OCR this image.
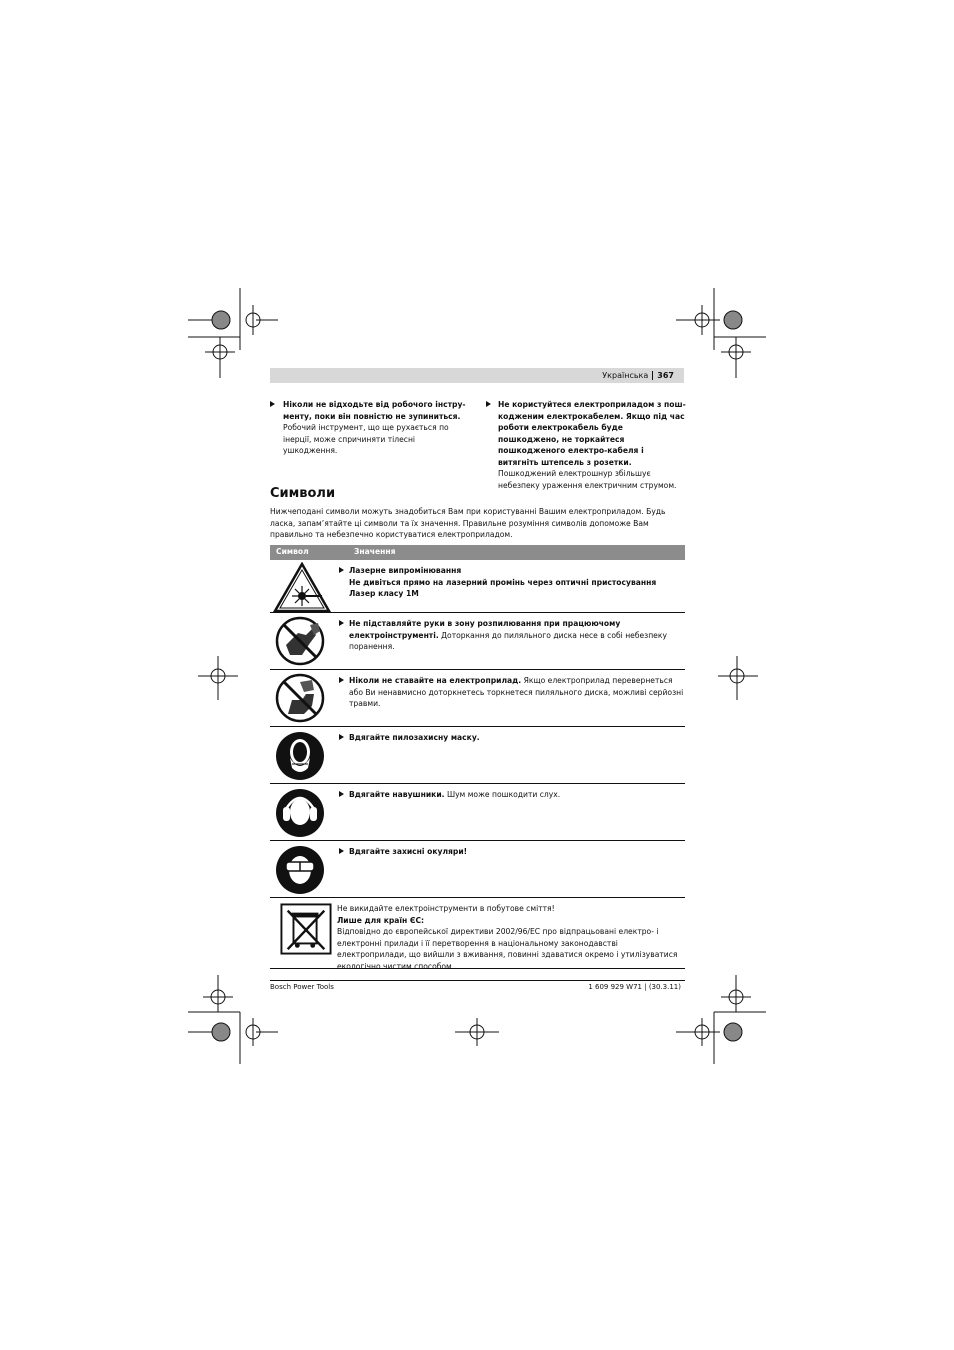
Українська 367
Ніколи не відходьте від робочого інстру-менту, поки він повністю не зупиниться. Робочий інструмент, що ще рухається по інерції, може спричиняти тілесні ушкодження.
Не користуйтеся електроприладом з пош-кодженим електрокабелем. Якщо під час роботи електрокабель буде пошкоджено, не торкайтеся пошкодженого електро-кабеля і витягніть штепсель з розетки. Пошкоджений електрошнур збільшує небезпеку ураження електричним струмом.
Символи
Нижчеподані символи можуть знадобиться Вам при користуванні Вашим електроприладом. Будь ласка, запам’ятайте ці символи та їх значення. Правильне розуміння символів допоможе Вам правильно та небезпечно користуватися електроприладом.
Символ	Значення
Лазерне випромінювання
Не дивіться прямо на лазерний промінь через оптичні пристосування
Лазер класу 1M
Не підставляйте руки в зону розпилювання при працюючому електроінструменті. Доторкання до пиляльного диска несе в собі небезпеку поранення.
Ніколи не ставайте на електроприлад. Якщо електроприлад перевернеться або Ви ненавмисно доторкнетесь торкнетеся пиляльного диска, можливі серйозні травми.
Вдягайте пилозахисну маску.
Вдягайте навушники. Шум може пошкодити слух.
Вдягайте захисні окуляри!
Не викидайте електроінструменти в побутове сміття!
Лише для країн ЄС:
Відповідно до європейської директиви 2002/96/ЕС про відпрацьовані електро- і електронні прилади і її перетворення в національному законодавстві електроприлади, що вийшли з вживання, повинні здаватися окремо і утилізуватися екологічно чистим способом.
Bosch Power Tools	1 609 929 W71 | (30.3.11)
